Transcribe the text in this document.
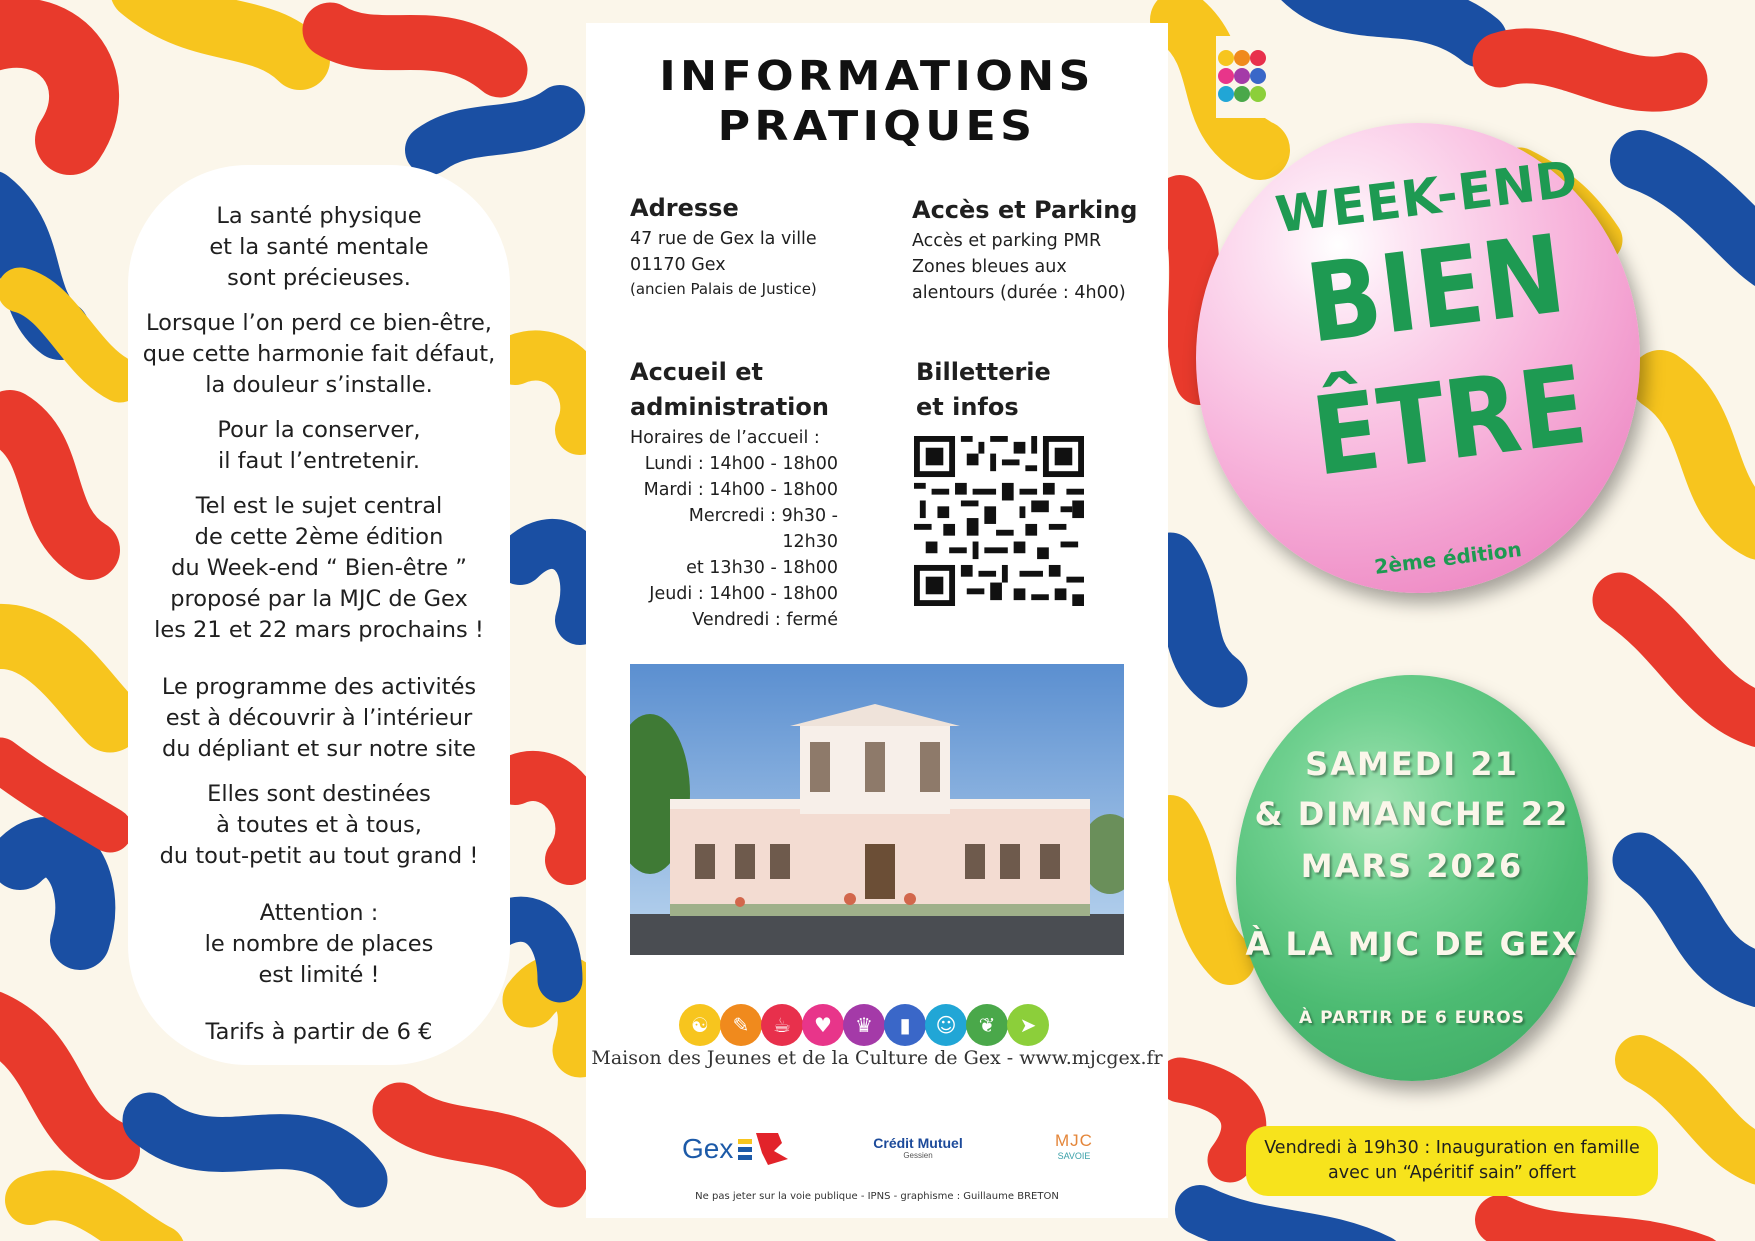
La santé physique
et la santé mentale
sont précieuses.

Lorsque l’on perd ce bien-être,
que cette harmonie fait défaut,
la douleur s’installe.

Pour la conserver,
il faut l’entretenir.

Tel est le sujet central
de cette 2ème édition
du Week-end “ Bien-être ”
proposé par la MJC de Gex
les 21 et 22 mars prochains !

Le programme des activités
est à découvrir à l’intérieur
du dépliant et sur notre site

Elles sont destinées
à toutes et à tous,
du tout-petit au tout grand !

Attention :
le nombre de places
est limité !

Tarifs à partir de 6 €

INFORMATIONS
PRATIQUES
Adresse
47 rue de Gex la ville
01170 Gex
(ancien Palais de Justice)
Accès et Parking
Accès et parking PMR
Zones bleues aux
alentours (durée : 4h00)
Accueil et
administration
Horaires de l’accueil :
Lundi : 14h00 - 18h00
Mardi : 14h00 - 18h00
Mercredi : 9h30 - 12h30
et 13h30 - 18h00
Jeudi : 14h00 - 18h00
Vendredi : fermé
Billetterie
et infos
☯ ✎ ☕ ♥ ♛ ▮ ☺ ❦ ➤
Maison des Jeunes et de la Culture de Gex - www.mjcgex.fr
Gex	Crédit Mutuel
Gessien
MJC
SAVOIE
Ne pas jeter sur la voie publique - IPNS - graphisme : Guillaume BRETON
WEEK-END
BIEN
ÊTRE
2ème édition
SAMEDI 21
& DIMANCHE 22
MARS 2026
À LA MJC DE GEX
À PARTIR DE 6 EUROS
Vendredi à 19h30 : Inauguration en famille
avec un “Apéritif sain” offert
